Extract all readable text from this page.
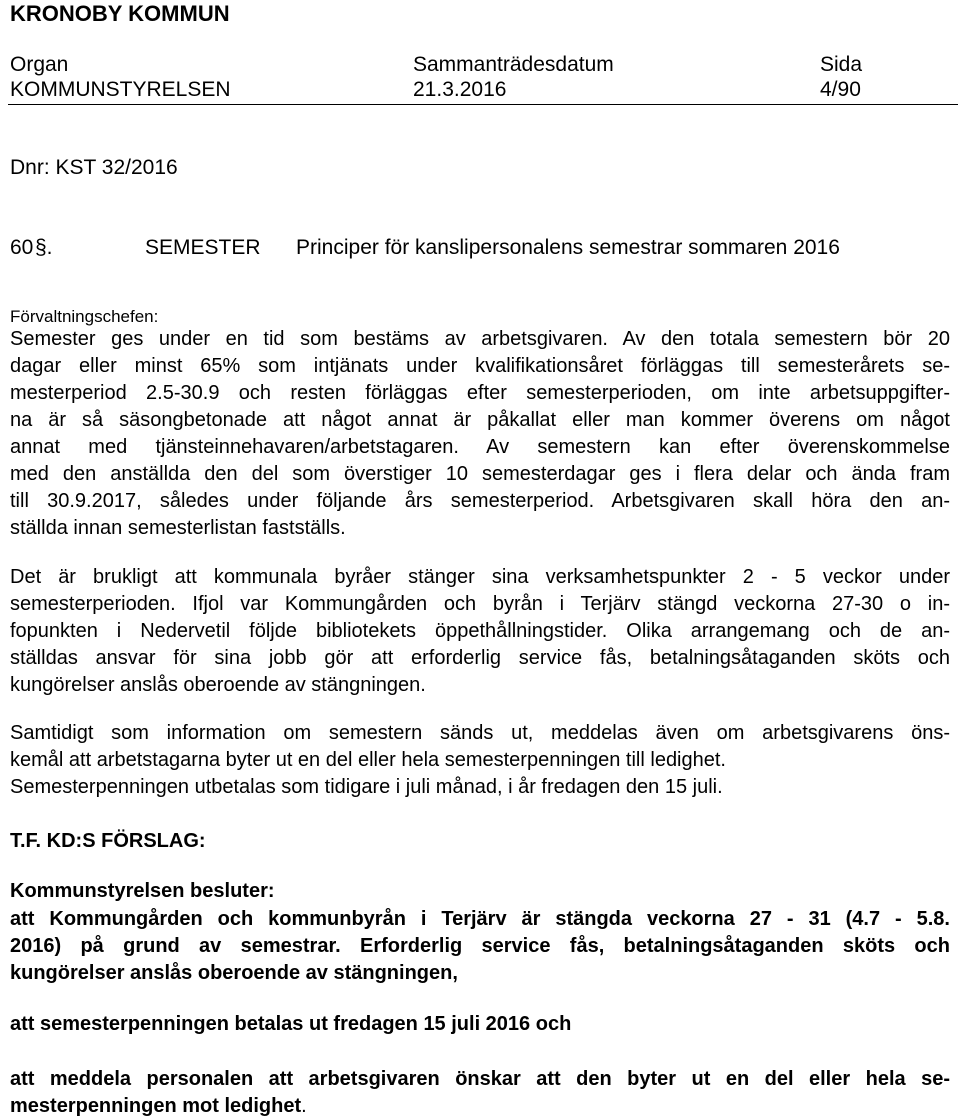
KRONOBY KOMMUN
Organ
KOMMUNSTYRELSEN
Sammanträdesdatum
21.3.2016
Sida
4/90
Dnr: KST 32/2016
60 §.	SEMESTER Principer för kanslipersonalens semestrar sommaren 2016
Förvaltningschefen:
Semester ges under en tid som bestäms av arbetsgivaren. Av den totala semestern bör 20
dagar eller minst 65% som intjänats under kvalifikationsåret förläggas till semesterårets se-
mesterperiod 2.5-30.9 och resten förläggas efter semesterperioden, om inte arbetsuppgifter-
na är så säsongbetonade att något annat är påkallat eller man kommer överens om något
annat med tjänsteinnehavaren/arbetstagaren. Av semestern kan efter överenskommelse
med den anställda den del som överstiger 10 semesterdagar ges i flera delar och ända fram
till 30.9.2017, således under följande års semesterperiod. Arbetsgivaren skall höra den an-
ställda innan semesterlistan fastställs.
Det är brukligt att kommunala byråer stänger sina verksamhetspunkter 2 - 5 veckor under
semesterperioden. Ifjol var Kommungården och byrån i Terjärv stängd veckorna 27-30 o in-
fopunkten i Nedervetil följde bibliotekets öppethållningstider. Olika arrangemang och de an-
ställdas ansvar för sina jobb gör att erforderlig service fås, betalningsåtaganden sköts och
kungörelser anslås oberoende av stängningen.
Samtidigt som information om semestern sänds ut, meddelas även om arbetsgivarens öns-
kemål att arbetstagarna byter ut en del eller hela semesterpenningen till ledighet.
Semesterpenningen utbetalas som tidigare i juli månad, i år fredagen den 15 juli.
T.F. KD:S FÖRSLAG:
Kommunstyrelsen besluter:
att Kommungården och kommunbyrån i Terjärv är stängda veckorna 27 - 31 (4.7 - 5.8.
2016) på grund av semestrar. Erforderlig service fås, betalningsåtaganden sköts och
kungörelser anslås oberoende av stängningen,
att semesterpenningen betalas ut fredagen 15 juli 2016 och
att meddela personalen att arbetsgivaren önskar att den byter ut en del eller hela se-
mesterpenningen mot ledighet.
